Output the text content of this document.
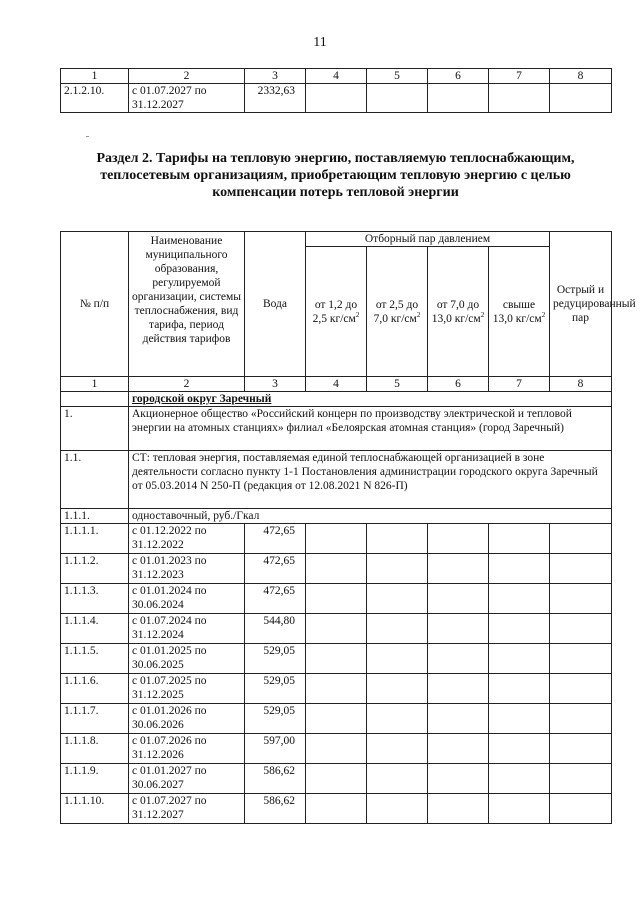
11
1	2	3	4	5	6	7	8
2.1.2.10.	с 01.07.2027 по 31.12.2027	2332,63					
Раздел 2. Тарифы на тепловую энергию, поставляемую теплоснабжающим, теплосетевым организациям, приобретающим тепловую энергию с целью компенсации потерь тепловой энергии
№ п/п	Наименование муниципального образования, регулируемой организации, системы теплоснабжения, вид тарифа, период действия тарифов	Вода	Отборный пар давлением				Острый и редуцированный пар
			от 1,2 до 2,5 $кг/см^2$	от 2,5 до 7,0 $кг/см^2$	от 7,0 до 13,0 $кг/см^2$	свыше 13,0 $кг/см^2$
1	2	3	4	5	6	7	8
	городской округ Заречный						
1.	Акционерное общество «Российский концерн по производству электрической и тепловой энергии на атомных станциях» филиал «Белоярская атомная станция» (город Заречный)						
1.1.	СТ: тепловая энергия, поставляемая единой теплоснабжающей организацией в зоне деятельности согласно пункту 1-1 Постановления администрации городского округа Заречный от 05.03.2014 N 250-П (редакция от 12.08.2021 N 826-П)						
1.1.1.	одноставочный, руб./Гкал						
1.1.1.1.	с 01.12.2022 по 31.12.2022	472,65					
1.1.1.2.	с 01.01.2023 по 31.12.2023	472,65					
1.1.1.3.	с 01.01.2024 по 30.06.2024	472,65					
1.1.1.4.	с 01.07.2024 по 31.12.2024	544,80					
1.1.1.5.	с 01.01.2025 по 30.06.2025	529,05					
1.1.1.6.	с 01.07.2025 по 31.12.2025	529,05					
1.1.1.7.	с 01.01.2026 по 30.06.2026	529,05					
1.1.1.8.	с 01.07.2026 по 31.12.2026	597,00					
1.1.1.9.	с 01.01.2027 по 30.06.2027	586,62					
1.1.1.10.	с 01.07.2027 по 31.12.2027	586,62					
